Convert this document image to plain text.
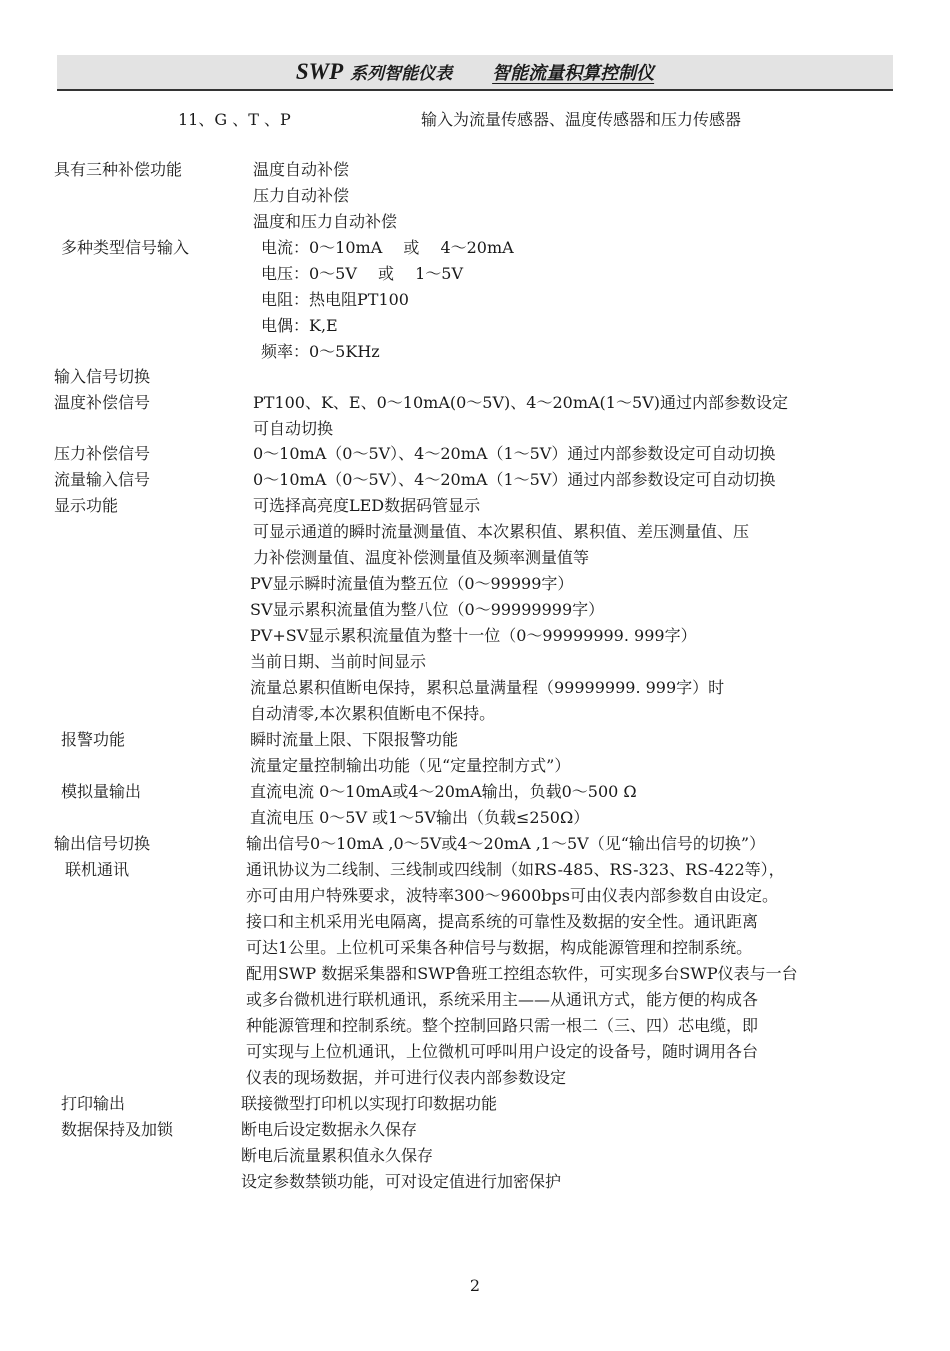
SWP 系列智能仪表 智能流量积算控制仪
11、G 、T 、P	输入为流量传感器、温度传感器和压力传感器
具有三种补偿功能	温度自动补偿
压力自动补偿
温度和压力自动补偿
多种类型信号输入	电流：0～10mA　 或　 4～20mA
电压：0～5V　 或　 1～5V
电阻：热电阻PT100
电偶：K,E
频率：0～5KHz
输入信号切换
温度补偿信号	PT100、K、E、0～10mA(0～5V)、4～20mA(1～5V)通过内部参数设定
可自动切换
压力补偿信号	0～10mA（0～5V）、4～20mA（1～5V）通过内部参数设定可自动切换
流量输入信号	0～10mA（0～5V）、4～20mA（1～5V）通过内部参数设定可自动切换
显示功能	可选择高亮度LED数据码管显示
可显示通道的瞬时流量测量值、本次累积值、累积值、差压测量值、压
力补偿测量值、温度补偿测量值及频率测量值等
PV显示瞬时流量值为整五位（0～99999字）
SV显示累积流量值为整八位（0～99999999字）
PV+SV显示累积流量值为整十一位（0～99999999. 999字）
当前日期、当前时间显示
流量总累积值断电保持，累积总量满量程（99999999. 999字）时
自动清零,本次累积值断电不保持。
报警功能	瞬时流量上限、下限报警功能
流量定量控制输出功能（见“定量控制方式”）
模拟量输出	直流电流 0～10mA或4～20mA输出，负载0～500 Ω
直流电压 0～5V 或1～5V输出（负载≤250Ω）
输出信号切换	输出信号0～10mA ,0～5V或4～20mA ,1～5V（见“输出信号的切换”）
联机通讯	通讯协议为二线制、三线制或四线制（如RS-485、RS-323、RS-422等），
亦可由用户特殊要求，波特率300～9600bps可由仪表内部参数自由设定。
接口和主机采用光电隔离，提高系统的可靠性及数据的安全性。通讯距离
可达1公里。上位机可采集各种信号与数据，构成能源管理和控制系统。
配用SWP 数据采集器和SWP鲁班工控组态软件，可实现多台SWP仪表与一台
或多台微机进行联机通讯，系统采用主——从通讯方式，能方便的构成各
种能源管理和控制系统。整个控制回路只需一根二（三、四）芯电缆，即
可实现与上位机通讯，上位微机可呼叫用户设定的设备号，随时调用各台
仪表的现场数据，并可进行仪表内部参数设定
打印输出	联接微型打印机以实现打印数据功能
数据保持及加锁	断电后设定数据永久保存
断电后流量累积值永久保存
设定参数禁锁功能，可对设定值进行加密保护
2
